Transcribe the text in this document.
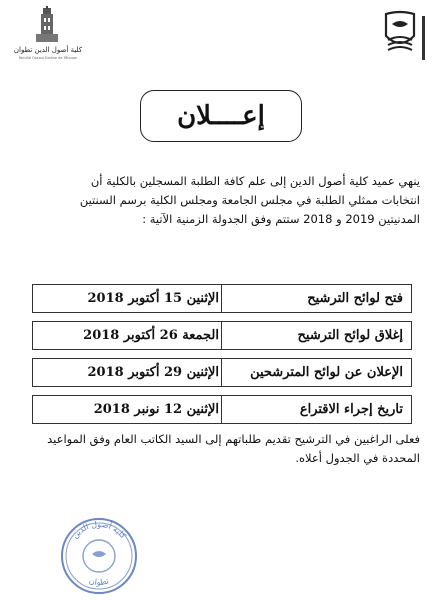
كلية أصول الدين تطوان
Faculté Ossoul Eddine de Tétouan
إعــــلان
ينهي عميد كلية أصول الدين إلى علم كافة الطلبة المسجلين بالكلية أن
انتخابات ممثلي الطلبة في مجلس الجامعة ومجلس الكلية برسم السنتين
المدنيتين 2019 و 2018 ستتم وفق الجدولة الزمنية الآتية :
فتح لوائح الترشيح
الإثنين 15 أكتوبر 2018
إغلاق لوائح الترشيح
الجمعة 26 أكتوبر 2018
الإعلان عن لوائح المترشحين
الإثنين 29 أكتوبر 2018
تاريخ إجراء الاقتراع
الإثنين 12 نونبر 2018
فعلى الراغبين في الترشيح تقديم طلباتهم إلى السيد الكاتب العام وفق المواعيد
المحددة في الجدول أعلاه.
كلية أصول الدين
تطوان
